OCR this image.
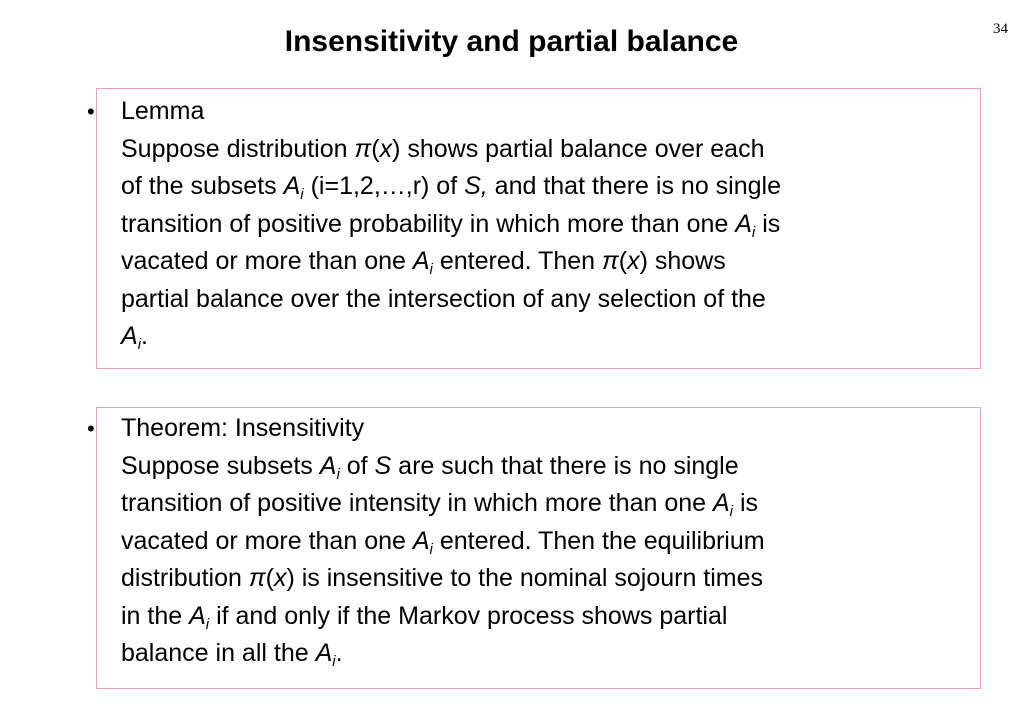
Insensitivity and partial balance	34
•
•
Lemma
Suppose distribution π(x) shows partial balance over each
of the subsets $A_i$ (i=1,2,…,r) of S, and that there is no single
transition of positive probability in which more than one $A_i$ is
vacated or more than one $A_i$ entered. Then π(x) shows
partial balance over the intersection of any selection of the
$A_i$.
Theorem: Insensitivity
Suppose subsets $A_i$ of S are such that there is no single
transition of positive intensity in which more than one $A_i$ is
vacated or more than one $A_i$ entered. Then the equilibrium
distribution π(x) is insensitive to the nominal sojourn times
in the $A_i$ if and only if the Markov process shows partial
balance in all the $A_i$.
